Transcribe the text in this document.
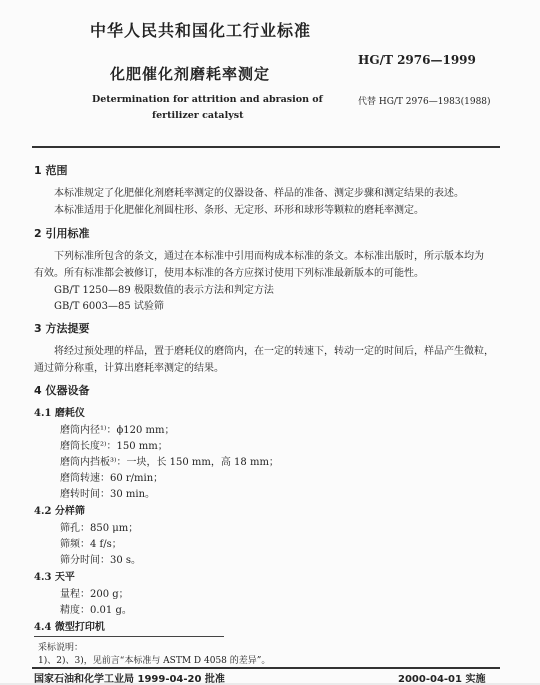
中华人民共和国化工行业标准
化肥催化剂磨耗率测定
HG/T 2976—1999
Determination for attrition and abrasion of
fertilizer catalyst
代替 HG/T 2976—1983(1988)
1 范围
本标准规定了化肥催化剂磨耗率测定的仪器设备、样品的准备、测定步骤和测定结果的表述。
本标准适用于化肥催化剂圆柱形、条形、无定形、环形和球形等颗粒的磨耗率测定。
2 引用标准
下列标准所包含的条文，通过在本标准中引用而构成本标准的条文。本标准出版时，所示版本均为
有效。所有标准都会被修订，使用本标准的各方应探讨使用下列标准最新版本的可能性。
GB/T 1250—89 极限数值的表示方法和判定方法
GB/T 6003—85 试验筛
3 方法提要
将经过预处理的样品，置于磨耗仪的磨筒内，在一定的转速下，转动一定的时间后，样品产生微粒，
通过筛分称重，计算出磨耗率测定的结果。
4 仪器设备
4.1 磨耗仪
磨筒内径¹⁾：ϕ120 mm；
磨筒长度²⁾：150 mm；
磨筒内挡板³⁾：一块，长 150 mm，高 18 mm；
磨筒转速：60 r/min；
磨转时间：30 min。
4.2 分样筛
筛孔：850 μm；
筛频：4 f/s；
筛分时间：30 s。
4.3 天平
量程：200 g；
精度：0.01 g。
4.4 微型打印机
采标说明：
1)、2)、3)，见前言“本标准与 ASTM D 4058 的差异”。
国家石油和化学工业局 1999-04-20 批准	2000-04-01 实施
